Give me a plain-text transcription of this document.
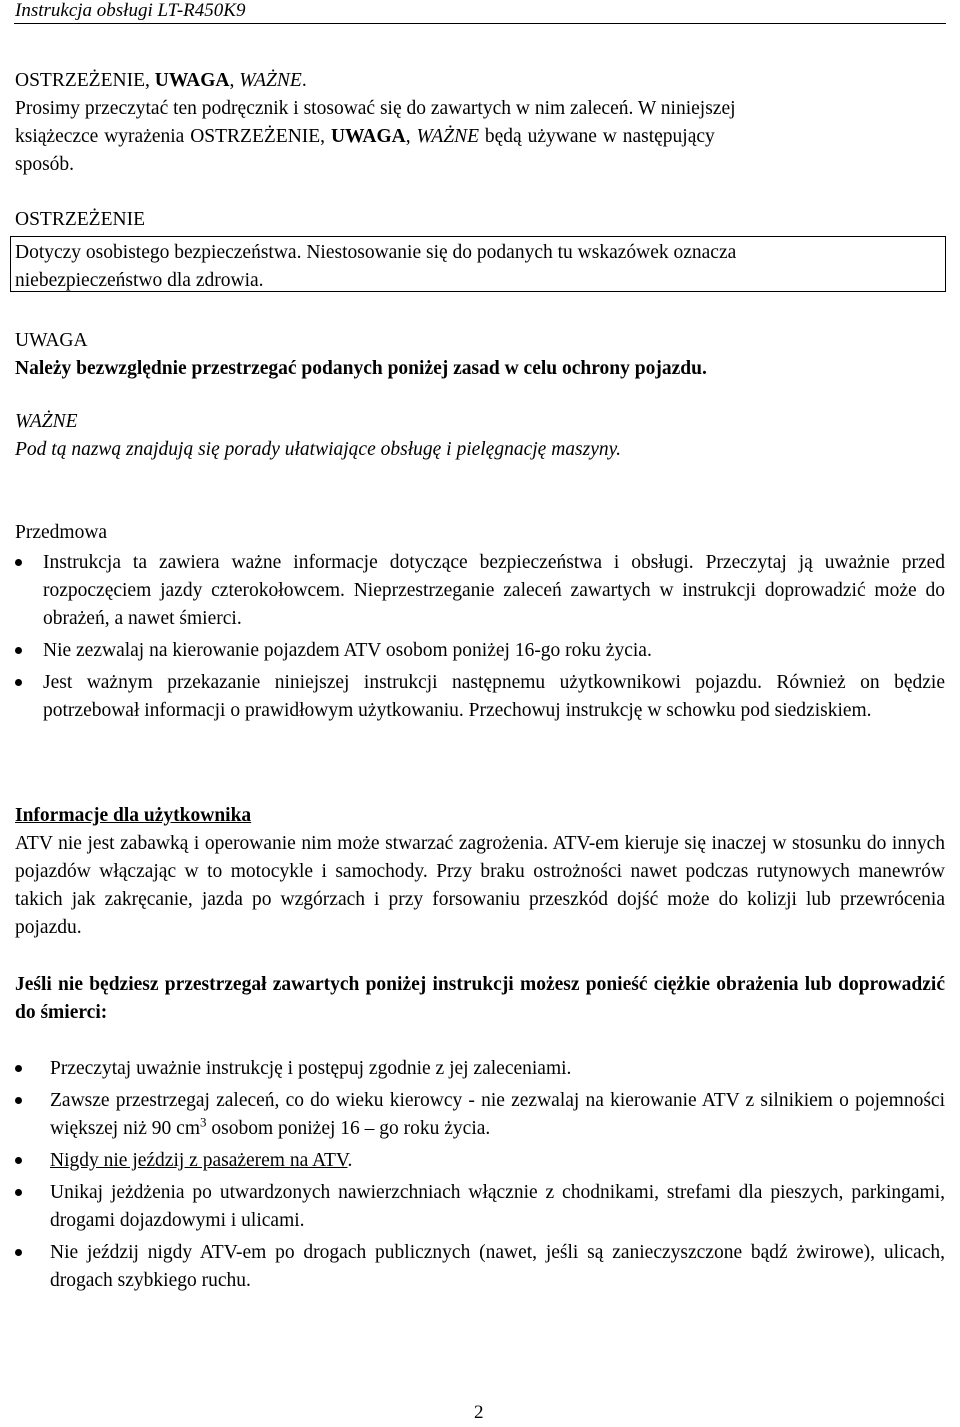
Instrukcja obsługi LT-R450K9

OSTRZEŻENIE, UWAGA, WAŻNE.

Prosimy przeczytać ten podręcznik i stosować się do zawartych w nim zaleceń. W niniejszej

książeczce wyrażenia OSTRZEŻENIE, UWAGA, WAŻNE będą używane w następujący

sposób.

OSTRZEŻENIE

Dotyczy osobistego bezpieczeństwa. Niestosowanie się do podanych tu wskazówek oznacza

niebezpieczeństwo dla zdrowia.

UWAGA

Należy bezwzględnie przestrzegać podanych poniżej zasad w celu ochrony pojazdu.

WAŻNE

Pod tą nazwą znajdują się porady ułatwiające obsługę i pielęgnację maszyny.

Przedmowa

Instrukcja ta zawiera ważne informacje dotyczące bezpieczeństwa i obsługi. Przeczytaj ją uważnie przed rozpoczęciem jazdy czterokołowcem. Nieprzestrzeganie zaleceń zawartych w instrukcji doprowadzić może do obrażeń, a nawet śmierci.
Nie zezwalaj na kierowanie pojazdem ATV osobom poniżej 16-go roku życia.
Jest ważnym przekazanie niniejszej instrukcji następnemu użytkownikowi pojazdu. Również on będzie potrzebował informacji o prawidłowym użytkowaniu. Przechowuj instrukcję w schowku pod siedziskiem.

Informacje dla użytkownika

ATV nie jest zabawką i operowanie nim może stwarzać zagrożenia. ATV-em kieruje się inaczej w stosunku do innych pojazdów włączając w to motocykle i samochody. Przy braku ostrożności nawet podczas rutynowych manewrów takich jak zakręcanie, jazda po wzgórzach i przy forsowaniu przeszkód dojść może do kolizji lub przewrócenia pojazdu.

Jeśli nie będziesz przestrzegał zawartych poniżej instrukcji możesz ponieść ciężkie obrażenia lub doprowadzić do śmierci:

Przeczytaj uważnie instrukcję i postępuj zgodnie z jej zaleceniami.
Zawsze przestrzegaj zaleceń, co do wieku kierowcy - nie zezwalaj na kierowanie ATV z silnikiem o pojemności większej niż 90 $cm^3$ osobom poniżej 16 – go roku życia.
Nigdy nie jeździj z pasażerem na ATV.
Unikaj jeżdżenia po utwardzonych nawierzchniach włącznie z chodnikami, strefami dla pieszych, parkingami, drogami dojazdowymi i ulicami.
Nie jeździj nigdy ATV-em po drogach publicznych (nawet, jeśli są zanieczyszczone bądź żwirowe), ulicach, drogach szybkiego ruchu.
2
